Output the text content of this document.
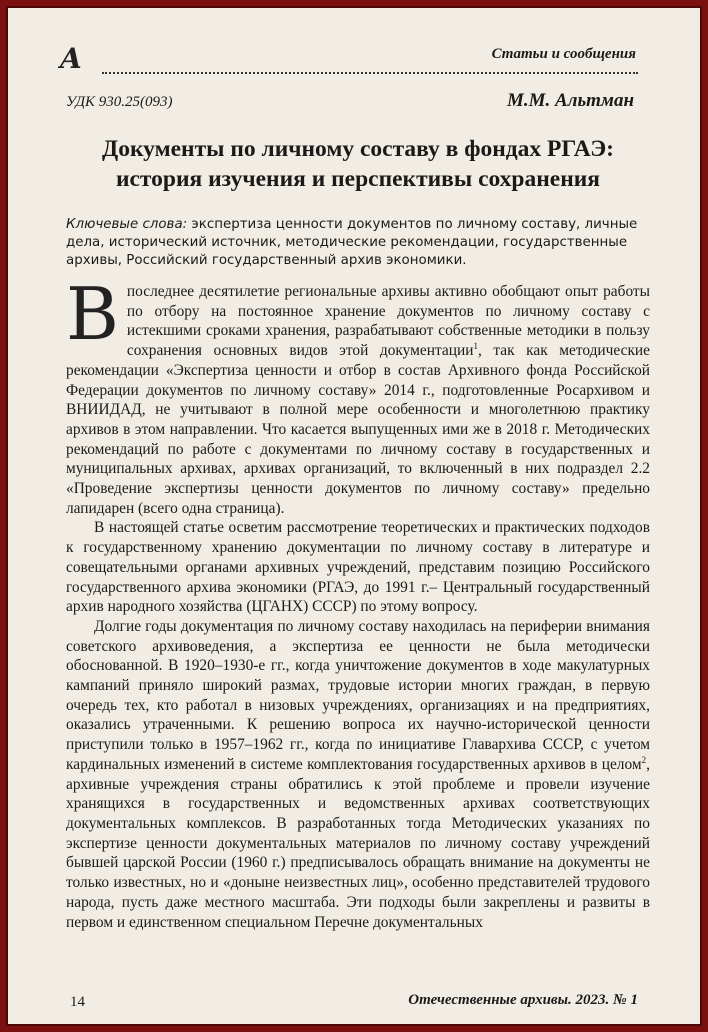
A	Статьи и сообщения
УДК 930.25(093)	М.М. Альтман
Документы по личному составу в фондах РГАЭ:
история изучения и перспективы сохранения
Ключевые слова: экспертиза ценности документов по личному составу, личные дела, исторический источник, методические рекомендации, государственные архивы, Российский государственный архив экономики.

Впоследнее десятилетие региональные архивы активно обобщают опыт работы по отбору на постоянное хранение документов по личному составу с истекшими сроками хранения, разрабатывают собственные методики в пользу сохранения основных видов этой документации$^1$, так как методические рекомендации «Экспертиза ценности и отбор в состав Архивного фонда Российской Федерации документов по личному составу» 2014 г., подготовленные Росархивом и ВНИИДАД, не учитывают в полной мере особенности и многолетнюю практику архивов в этом направлении. Что касается выпущенных ими же в 2018 г. Методических рекомендаций по работе с документами по личному составу в государственных и муниципальных архивах, архивах организаций, то включенный в них подраздел 2.2 «Проведение экспертизы ценности документов по личному составу» предельно лапидарен (всего одна страница).

В настоящей статье осветим рассмотрение теоретических и практических подходов к государственному хранению документации по личному составу в литературе и совещательными органами архивных учреждений, представим позицию Российского государственного архива экономики (РГАЭ, до 1991 г.– Центральный государственный архив народного хозяйства (ЦГАНХ) СССР) по этому вопросу.

Долгие годы документация по личному составу находилась на периферии внимания советского архивоведения, а экспертиза ее ценности не была методически обоснованной. В 1920–1930-е гг., когда уничтожение документов в ходе макулатурных кампаний приняло широкий размах, трудовые истории многих граждан, в первую очередь тех, кто работал в низовых учреждениях, организациях и на предприятиях, оказались утраченными. К решению вопроса их научно-исторической ценности приступили только в 1957–1962 гг., когда по инициативе Главархива СССР, с учетом кардинальных изменений в системе комплектования государственных архивов в целом$^2$, архивные учреждения страны обратились к этой проблеме и провели изучение хранящихся в государственных и ведомственных архивах соответствующих документальных комплексов. В разработанных тогда Методических указаниях по экспертизе ценности документальных материалов по личному составу учреждений бывшей царской России (1960 г.) предписывалось обращать внимание на документы не только известных, но и «доныне неизвестных лиц», особенно представителей трудового народа, пусть даже местного масштаба. Эти подходы были закреплены и развиты в первом и единственном специальном Перечне документальных

14	Отечественные архивы. 2023. № 1
